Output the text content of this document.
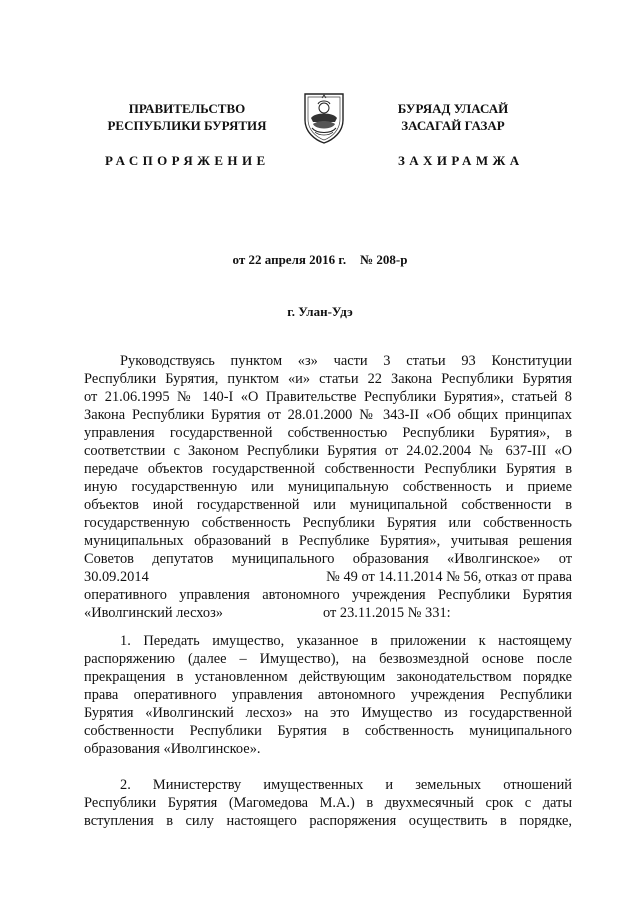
ПРАВИТЕЛЬСТВО
РЕСПУБЛИКИ БУРЯТИЯ
БУРЯАД УЛАСАЙ
ЗАСАГАЙ ГАЗАР
РАСПОРЯЖЕНИЕ	ЗАХИРАМЖА
от 22 апреля 2016 г. № 208-р
г. Улан-Удэ
Руководствуясь пунктом «з» части 3 статьи 93 Конституции
Республики Бурятия, пунктом «и» статьи 22 Закона Республики Бурятия
от 21.06.1995 № 140-I «О Правительстве Республики Бурятия», статьей 8
Закона Республики Бурятия от 28.01.2000 № 343-II «Об общих принципах
управления государственной собственностью Республики Бурятия», в
соответствии с Законом Республики Бурятия от 24.02.2004 № 637-III «О
передаче объектов государственной собственности Республики Бурятия в
иную государственную или муниципальную собственность и приеме
объектов иной государственной или муниципальной собственности в
государственную собственность Республики Бурятия или собственность
муниципальных образований в Республике Бурятия», учитывая решения
Советов депутатов муниципального образования «Иволгинское» от
30.09.2014	№ 49 от 14.11.2014 № 56, отказ от права
оперативного управления автономного учреждения Республики Бурятия
«Иволгинский лесхоз»	от 23.11.2015 № 331:
1. Передать имущество, указанное в приложении к настоящему
распоряжению (далее – Имущество), на безвозмездной основе после
прекращения в установленном действующим законодательством порядке
права оперативного управления автономного учреждения Республики
Бурятия «Иволгинский лесхоз» на это Имущество из государственной
собственности Республики Бурятия в собственность муниципального
образования «Иволгинское».
2. Министерству имущественных и земельных отношений
Республики Бурятия (Магомедова М.А.) в двухмесячный срок с даты
вступления в силу настоящего распоряжения осуществить в порядке,
